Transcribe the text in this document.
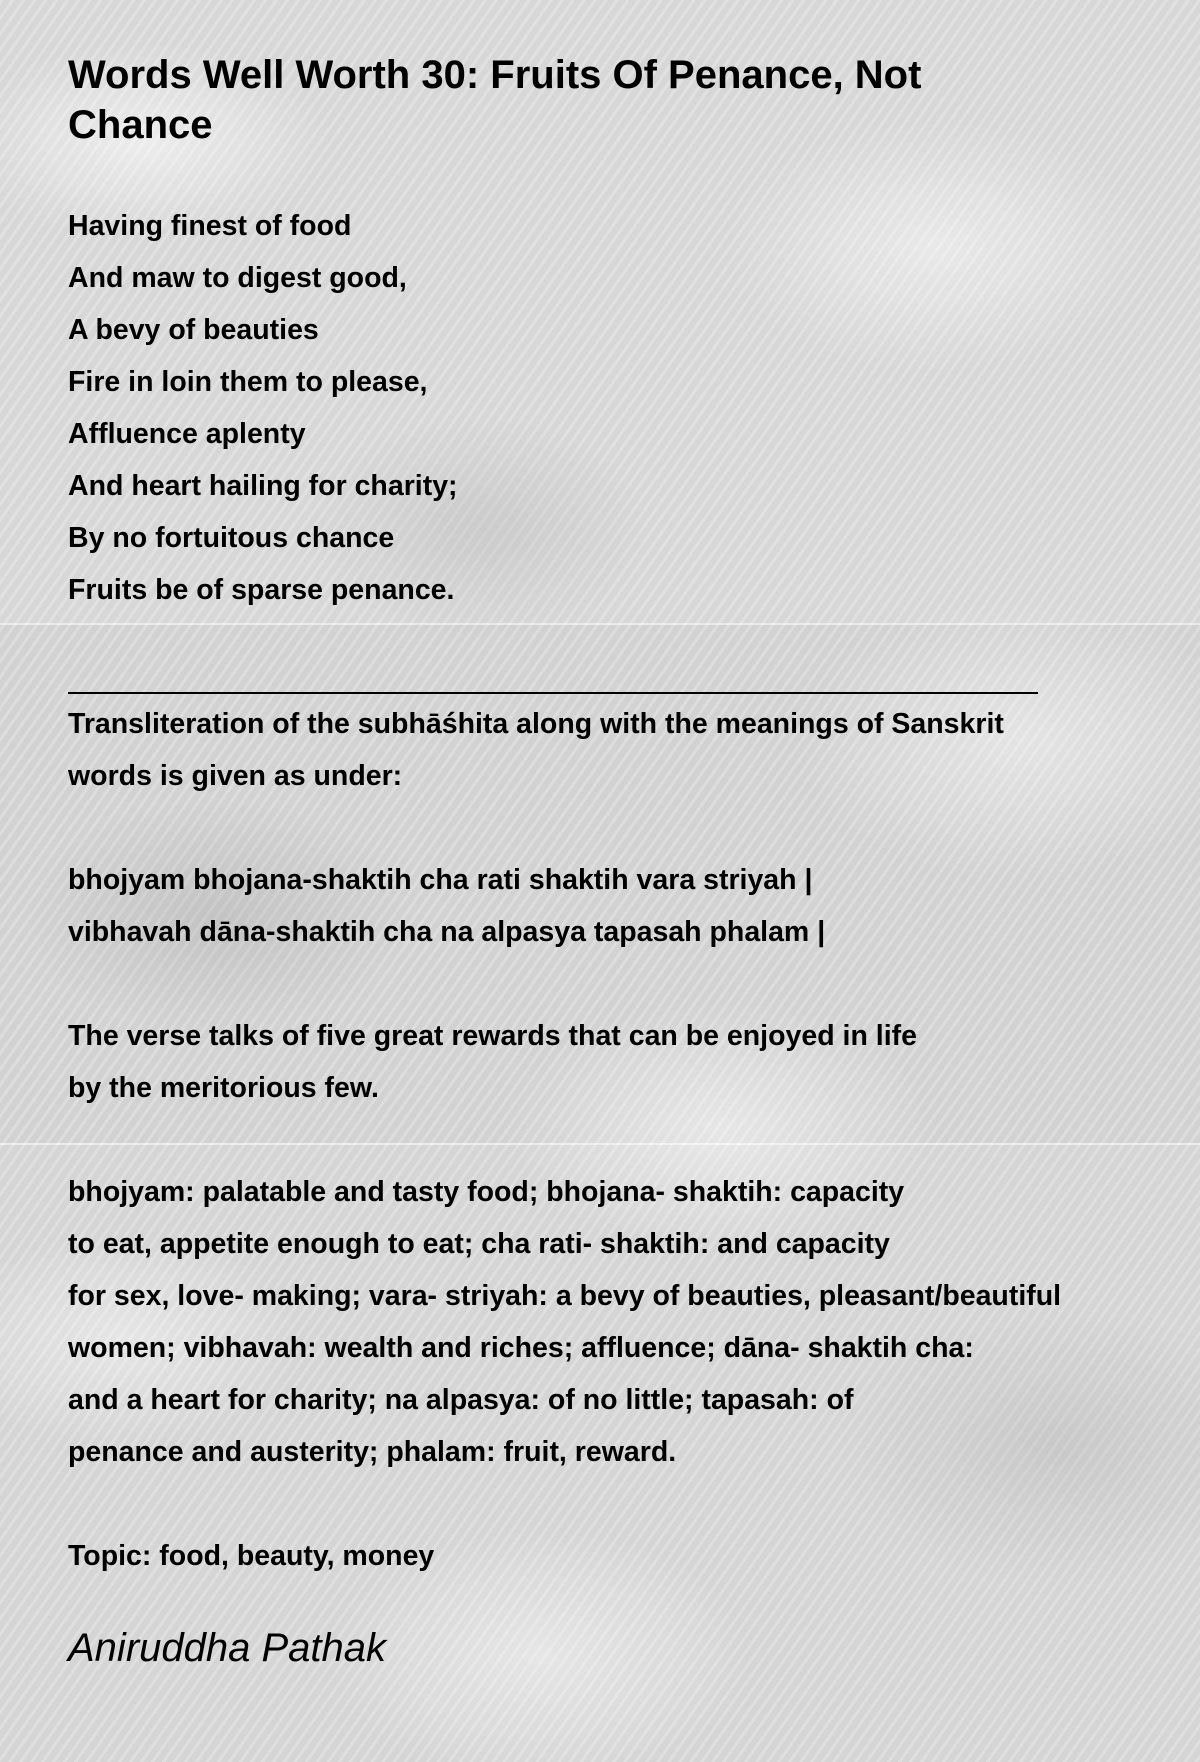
Words Well Worth 30: Fruits Of Penance, Not Chance
Having finest of food
And maw to digest good,
A bevy of beauties
Fire in loin them to please,
Affluence aplenty
And heart hailing for charity;
By no fortuitous chance
Fruits be of sparse penance.
Transliteration of the subhāśhita along with the meanings of Sanskrit
words is given as under:
bhojyam bhojana-shaktih cha rati shaktih vara striyah |
vibhavah dāna-shaktih cha na alpasya tapasah phalam |
The verse talks of five great rewards that can be enjoyed in life
by the meritorious few.
bhojyam: palatable and tasty food; bhojana- shaktih: capacity
to eat, appetite enough to eat; cha rati- shaktih: and capacity
for sex, love- making; vara- striyah: a bevy of beauties, pleasant/beautiful
women; vibhavah: wealth and riches; affluence; dāna- shaktih cha:
and a heart for charity; na alpasya: of no little; tapasah: of
penance and austerity; phalam: fruit, reward.
Topic: food, beauty, money
Aniruddha Pathak
